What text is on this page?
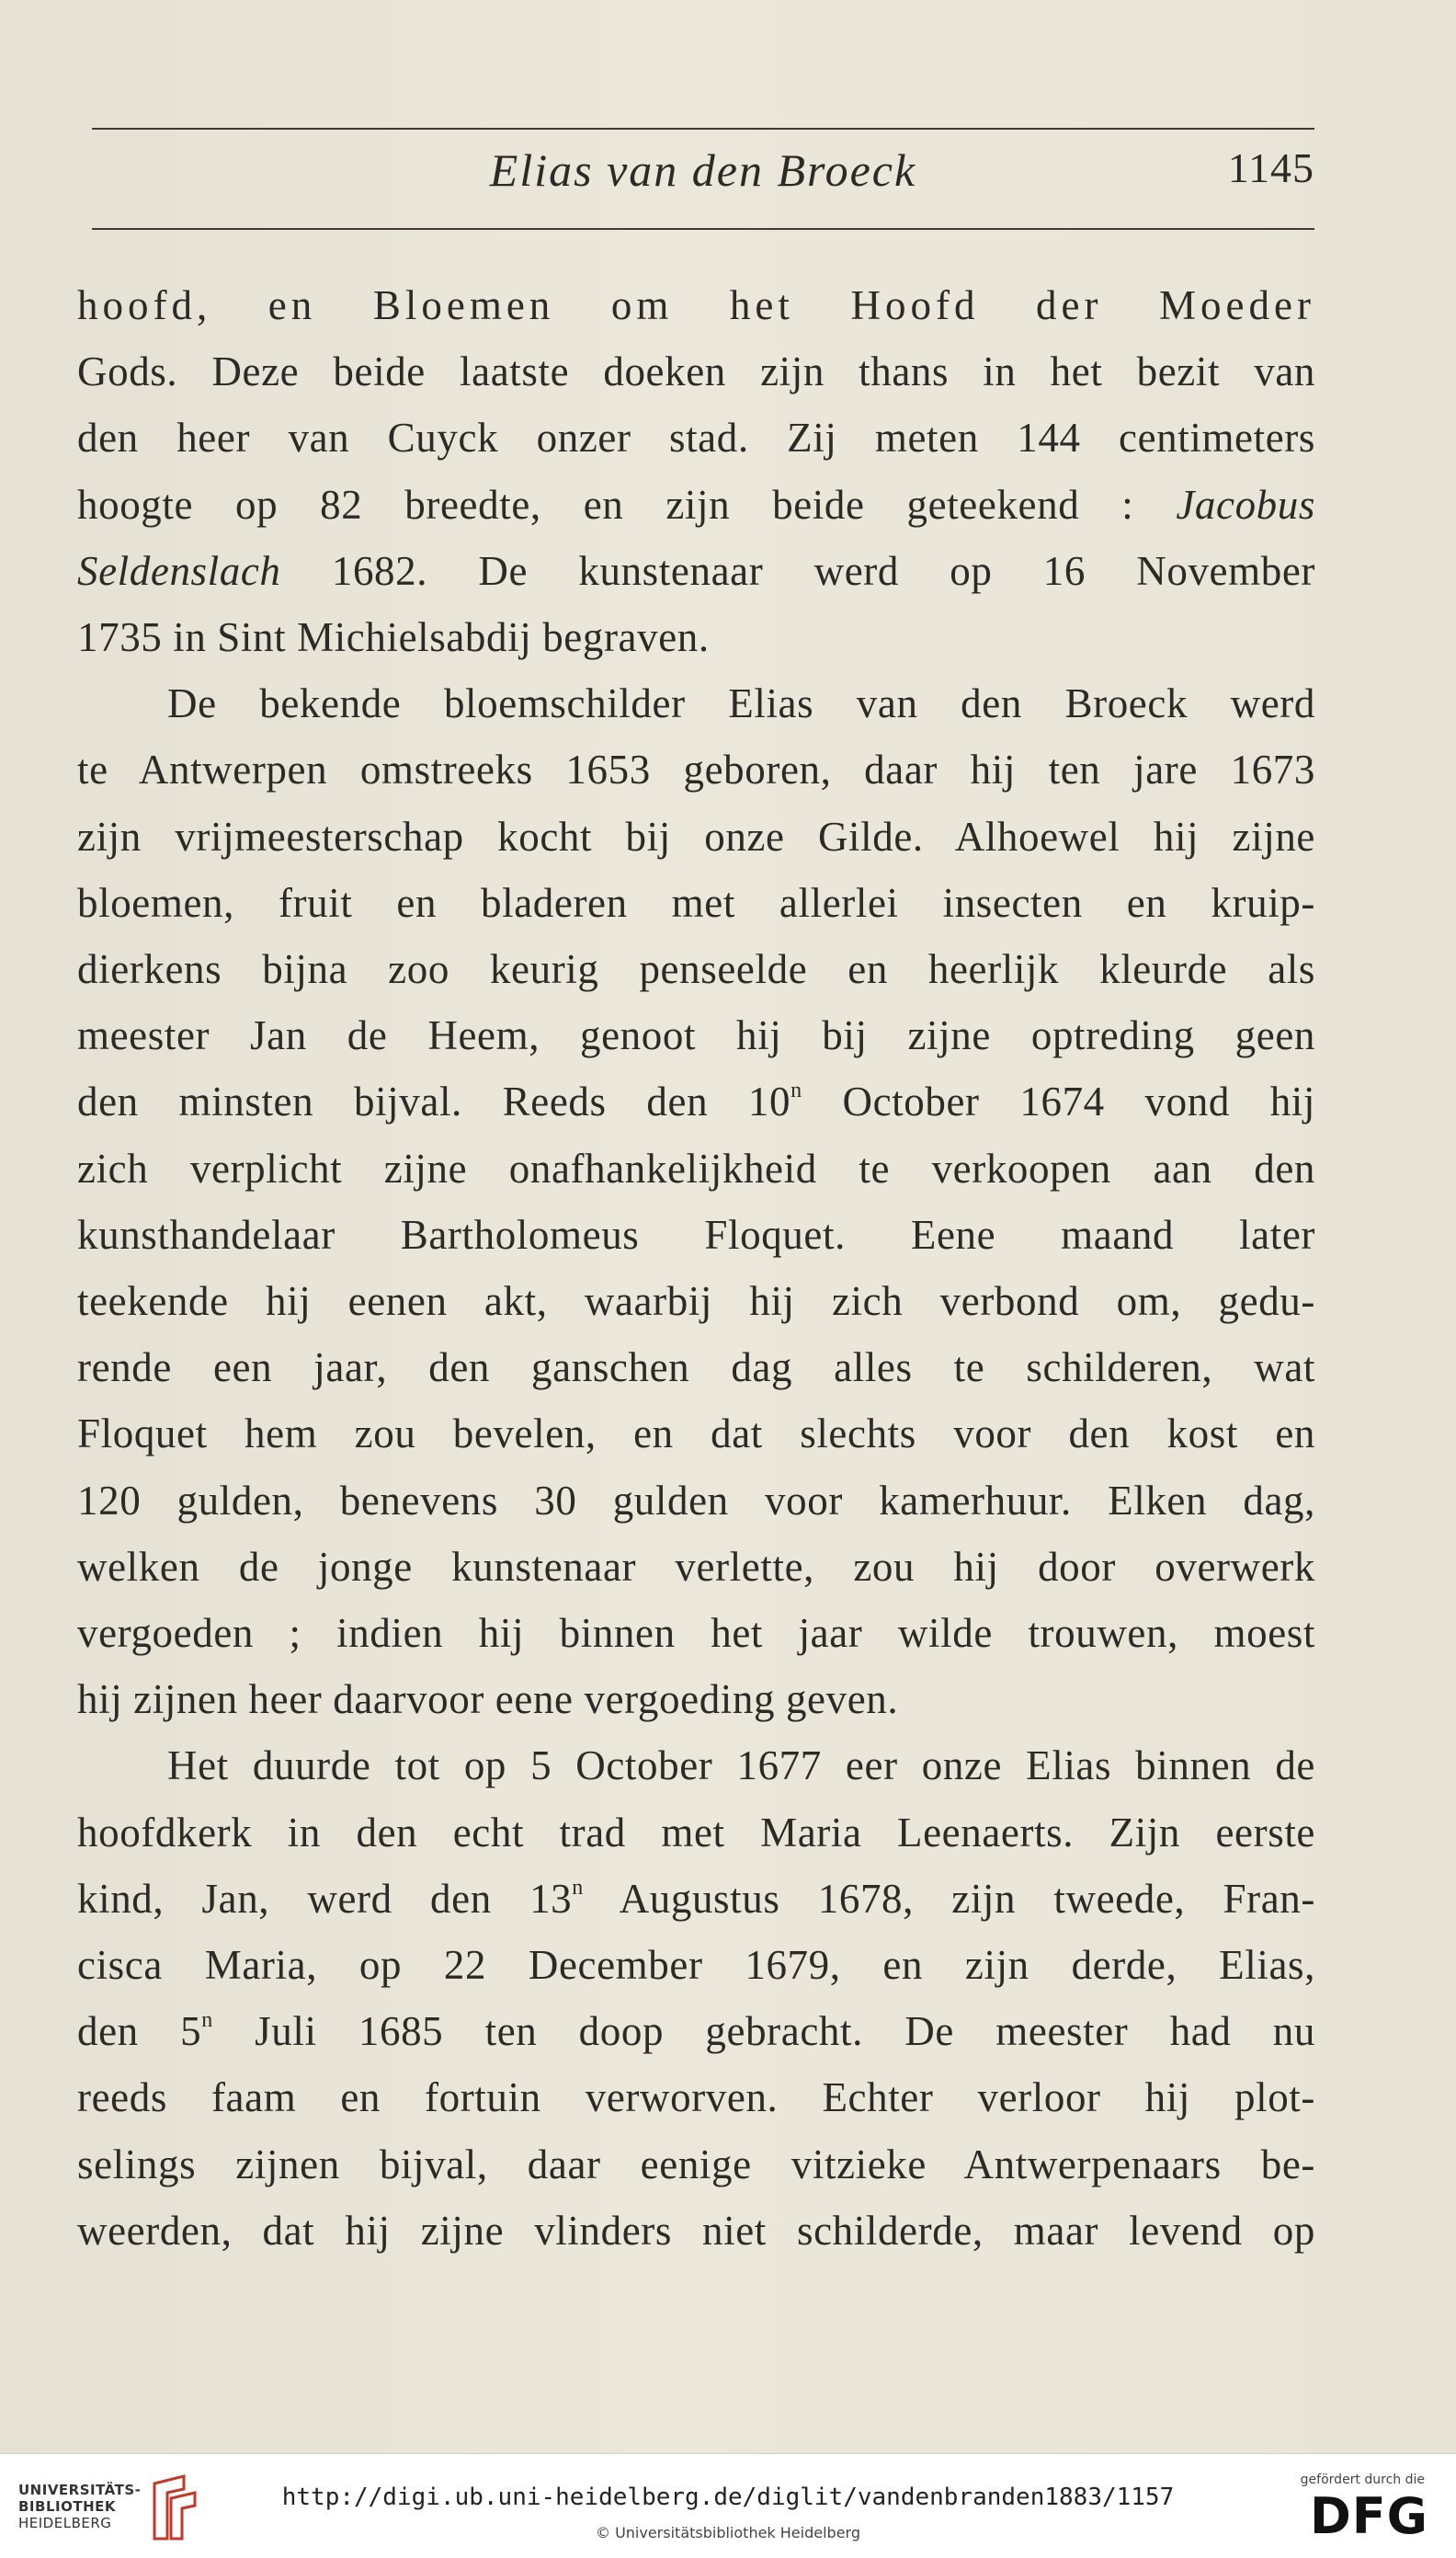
Elias van den Broeck	1145
hoofd, en Bloemen om het Hoofd der Moeder
Gods. Deze beide laatste doeken zijn thans in het bezit van
den heer van Cuyck onzer stad. Zij meten 144 centimeters
hoogte op 82 breedte, en zijn beide geteekend : Jacobus
Seldenslach 1682. De kunstenaar werd op 16 November
1735 in Sint Michielsabdij begraven.
De bekende bloemschilder Elias van den Broeck werd
te Antwerpen omstreeks 1653 geboren, daar hij ten jare 1673
zijn vrijmeesterschap kocht bij onze Gilde. Alhoewel hij zijne
bloemen, fruit en bladeren met allerlei insecten en kruip-
dierkens bijna zoo keurig penseelde en heerlijk kleurde als
meester Jan de Heem, genoot hij bij zijne optreding geen
den minsten bijval. Reeds den 10$^n$ October 1674 vond hij
zich verplicht zijne onafhankelijkheid te verkoopen aan den
kunsthandelaar Bartholomeus Floquet. Eene maand later
teekende hij eenen akt, waarbij hij zich verbond om, gedu-
rende een jaar, den ganschen dag alles te schilderen, wat
Floquet hem zou bevelen, en dat slechts voor den kost en
120 gulden, benevens 30 gulden voor kamerhuur. Elken dag,
welken de jonge kunstenaar verlette, zou hij door overwerk
vergoeden ; indien hij binnen het jaar wilde trouwen, moest
hij zijnen heer daarvoor eene vergoeding geven.
Het duurde tot op 5 October 1677 eer onze Elias binnen de
hoofdkerk in den echt trad met Maria Leenaerts. Zijn eerste
kind, Jan, werd den 13$^n$ Augustus 1678, zijn tweede, Fran-
cisca Maria, op 22 December 1679, en zijn derde, Elias,
den 5$^n$ Juli 1685 ten doop gebracht. De meester had nu
reeds faam en fortuin verworven. Echter verloor hij plot-
selings zijnen bijval, daar eenige vitzieke Antwerpenaars be-
weerden, dat hij zijne vlinders niet schilderde, maar levend op
UNIVERSITÄTS-
BIBLIOTHEK
HEIDELBERG
http://digi.ub.uni-heidelberg.de/diglit/vandenbranden1883/1157
© Universitätsbibliothek Heidelberg
gefördert durch die
DFG
